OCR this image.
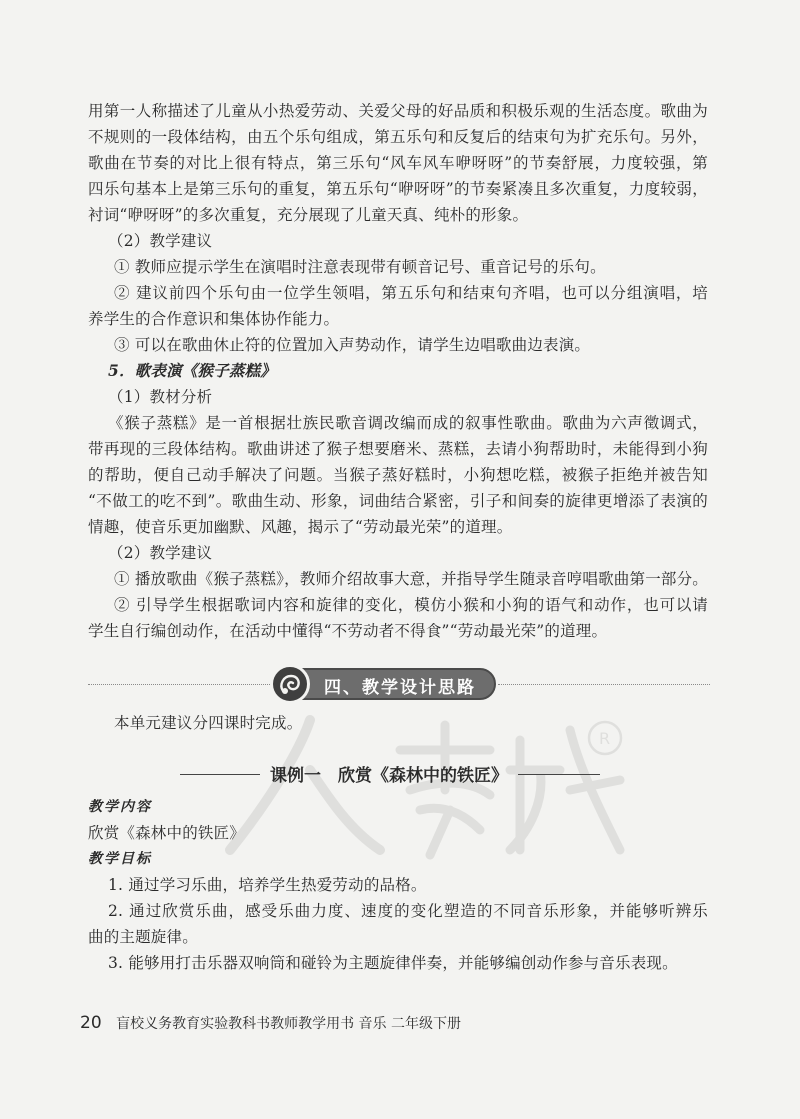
用第一人称描述了儿童从小热爱劳动、关爱父母的好品质和积极乐观的生活态度。歌曲为
不规则的一段体结构，由五个乐句组成，第五乐句和反复后的结束句为扩充乐句。另外，
歌曲在节奏的对比上很有特点，第三乐句“风车风车咿呀呀”的节奏舒展，力度较强，第
四乐句基本上是第三乐句的重复，第五乐句“咿呀呀”的节奏紧凑且多次重复，力度较弱，
衬词“咿呀呀”的多次重复，充分展现了儿童天真、纯朴的形象。
（2）教学建议
① 教师应提示学生在演唱时注意表现带有顿音记号、重音记号的乐句。
② 建议前四个乐句由一位学生领唱，第五乐句和结束句齐唱，也可以分组演唱，培
养学生的合作意识和集体协作能力。
③ 可以在歌曲休止符的位置加入声势动作，请学生边唱歌曲边表演。
5．歌表演《猴子蒸糕》
（1）教材分析
《猴子蒸糕》是一首根据壮族民歌音调改编而成的叙事性歌曲。歌曲为六声徵调式，
带再现的三段体结构。歌曲讲述了猴子想要磨米、蒸糕，去请小狗帮助时，未能得到小狗
的帮助，便自己动手解决了问题。当猴子蒸好糕时，小狗想吃糕，被猴子拒绝并被告知
“不做工的吃不到”。歌曲生动、形象，词曲结合紧密，引子和间奏的旋律更增添了表演的
情趣，使音乐更加幽默、风趣，揭示了“劳动最光荣”的道理。
（2）教学建议
① 播放歌曲《猴子蒸糕》，教师介绍故事大意，并指导学生随录音哼唱歌曲第一部分。
② 引导学生根据歌词内容和旋律的变化，模仿小猴和小狗的语气和动作，也可以请
学生自行编创动作，在活动中懂得“不劳动者不得食”“劳动最光荣”的道理。
四、教学设计思路
本单元建议分四课时完成。
R
课例一　欣赏《森林中的铁匠》
教学内容
欣赏《森林中的铁匠》
教学目标
1. 通过学习乐曲，培养学生热爱劳动的品格。
2. 通过欣赏乐曲，感受乐曲力度、速度的变化塑造的不同音乐形象，并能够听辨乐
曲的主题旋律。
3. 能够用打击乐器双响筒和碰铃为主题旋律伴奏，并能够编创动作参与音乐表现。
20 盲校义务教育实验教科书教师教学用书 音乐 二年级下册
